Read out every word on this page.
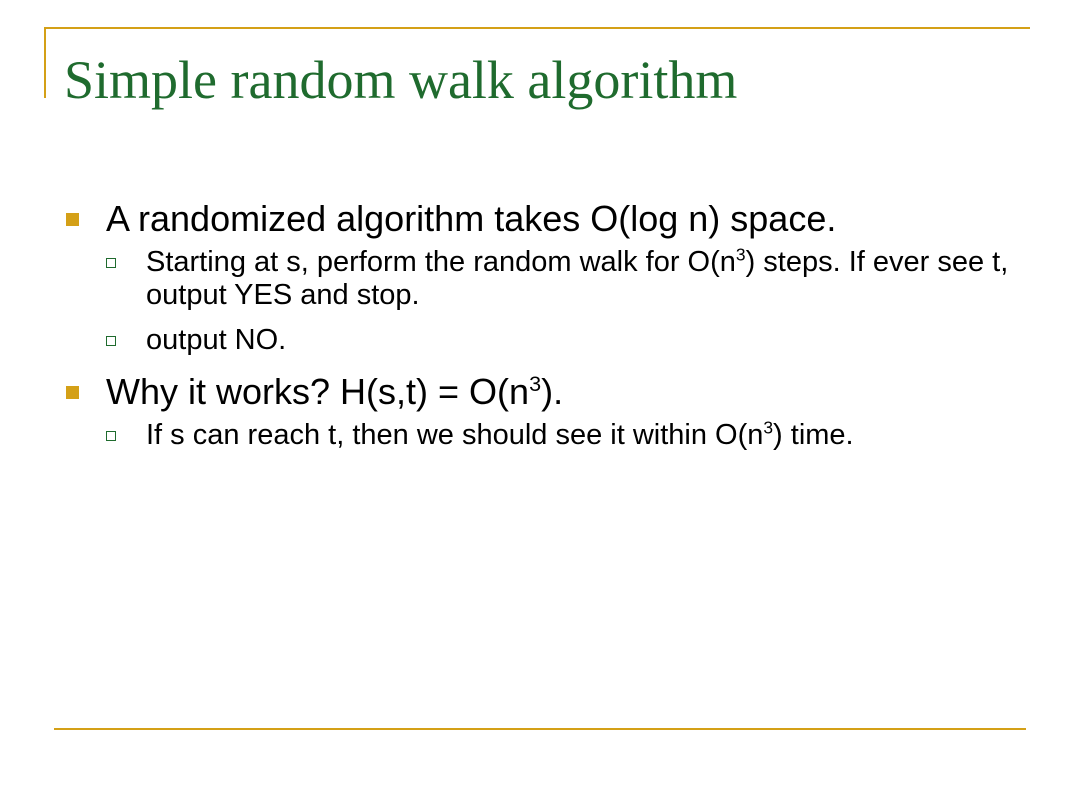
Simple random walk algorithm
A randomized algorithm takes O(log n) space.
Starting at s, perform the random walk for $O(n^3)$ steps. If ever see t, output YES and stop.
output NO.
Why it works? $H(s,t) = O(n^3)$.
If s can reach t, then we should see it within $O(n^3)$ time.
